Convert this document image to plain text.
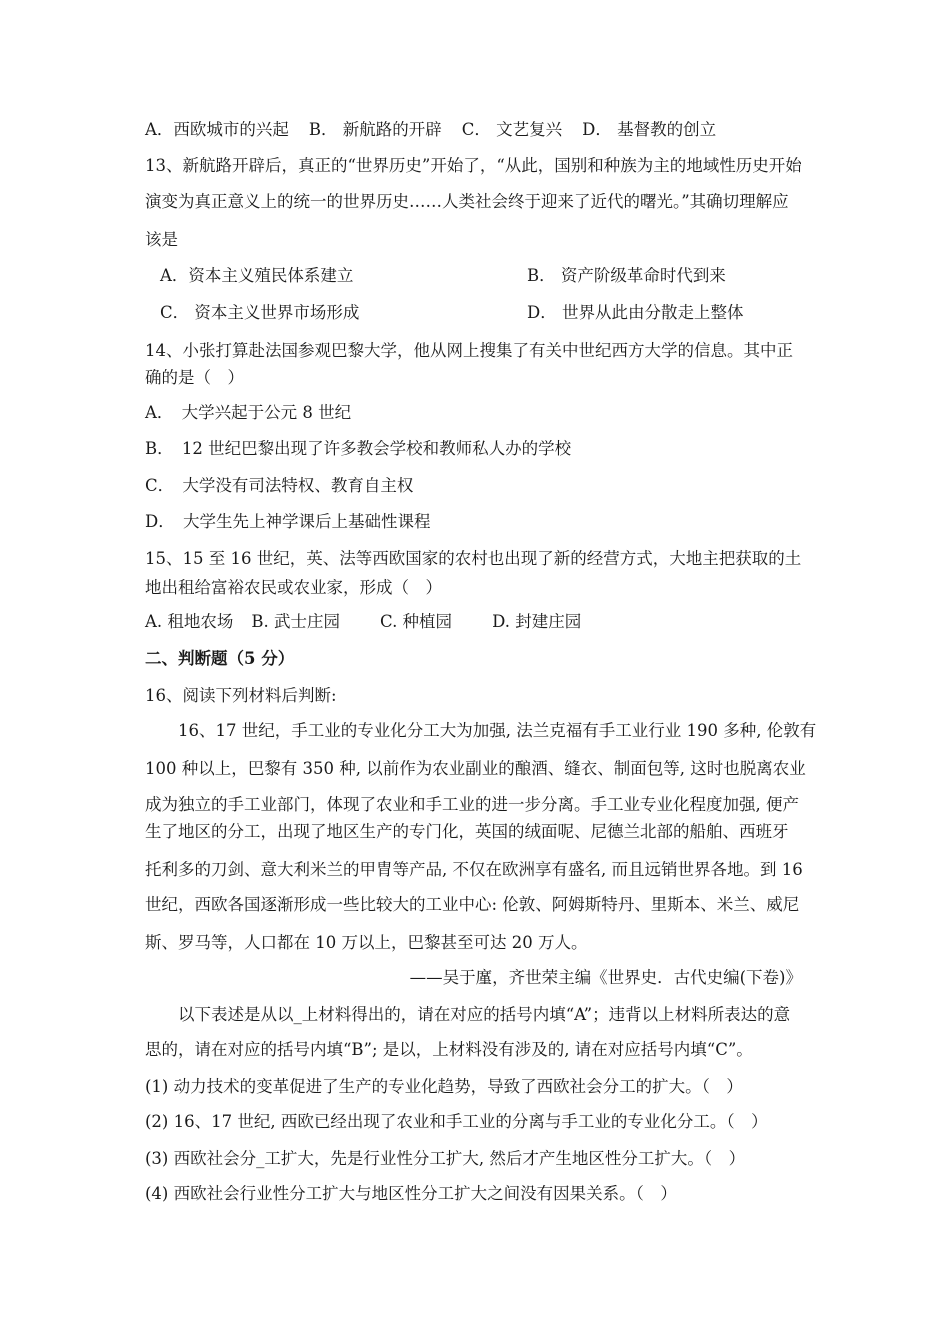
A．西欧城市的兴起 B． 新航路的开辟 C． 文艺复兴 D． 基督教的创立
13、新航路开辟后，真正的“世界历史”开始了，“从此，国别和种族为主的地域性历史开始
演变为真正意义上的统一的世界历史……人类社会终于迎来了近代的曙光。”其确切理解应
该是
A．资本主义殖民体系建立	B． 资产阶级革命时代到来
C． 资本主义世界市场形成	D． 世界从此由分散走上整体
14、小张打算赴法国参观巴黎大学，他从网上搜集了有关中世纪西方大学的信息。其中正
确的是（　）
A．　大学兴起于公元 8 世纪
B．　12 世纪巴黎出现了许多教会学校和教师私人办的学校
C．　大学没有司法特权、教育自主权
D．　大学生先上神学课后上基础性课程
15、15 至 16 世纪，英、法等西欧国家的农村也出现了新的经营方式，大地主把获取的土
地出租给富裕农民或农业家，形成（　）
A. 租地农场 B. 武士庄园 C. 种植园 D. 封建庄园
二、判断题（5 分）
16、阅读下列材料后判断:
16、17 世纪，手工业的专业化分工大为加强, 法兰克福有手工业行业 190 多种, 伦敦有
100 种以上，巴黎有 350 种, 以前作为农业副业的酿酒、缝衣、制面包等, 这时也脱离农业
成为独立的手工业部门，体现了农业和手工业的进一步分离。手工业专业化程度加强, 便产
生了地区的分工，出现了地区生产的专门化，英国的绒面呢、尼德兰北部的船舶、西班牙
托利多的刀剑、意大利米兰的甲胄等产品, 不仅在欧洲享有盛名, 而且远销世界各地。到 16
世纪，西欧各国逐渐形成一些比较大的工业中心: 伦敦、阿姆斯特丹、里斯本、米兰、威尼
斯、罗马等，人口都在 10 万以上，巴黎甚至可达 20 万人。
——吴于廑，齐世荣主编《世界史．古代史编(下卷)》
以下表述是从以_上材料得出的，请在对应的括号内填“A”；违背以上材料所表达的意
思的，请在对应的括号内填“B”; 是以，上材料没有涉及的, 请在对应括号内填“C”。
(1) 动力技术的变革促进了生产的专业化趋势，导致了西欧社会分工的扩大。（　）
(2) 16、17 世纪, 西欧已经出现了农业和手工业的分离与手工业的专业化分工。（　）
(3) 西欧社会分_工扩大，先是行业性分工扩大, 然后才产生地区性分工扩大。（　）
(4) 西欧社会行业性分工扩大与地区性分工扩大之间没有因果关系。（　）
